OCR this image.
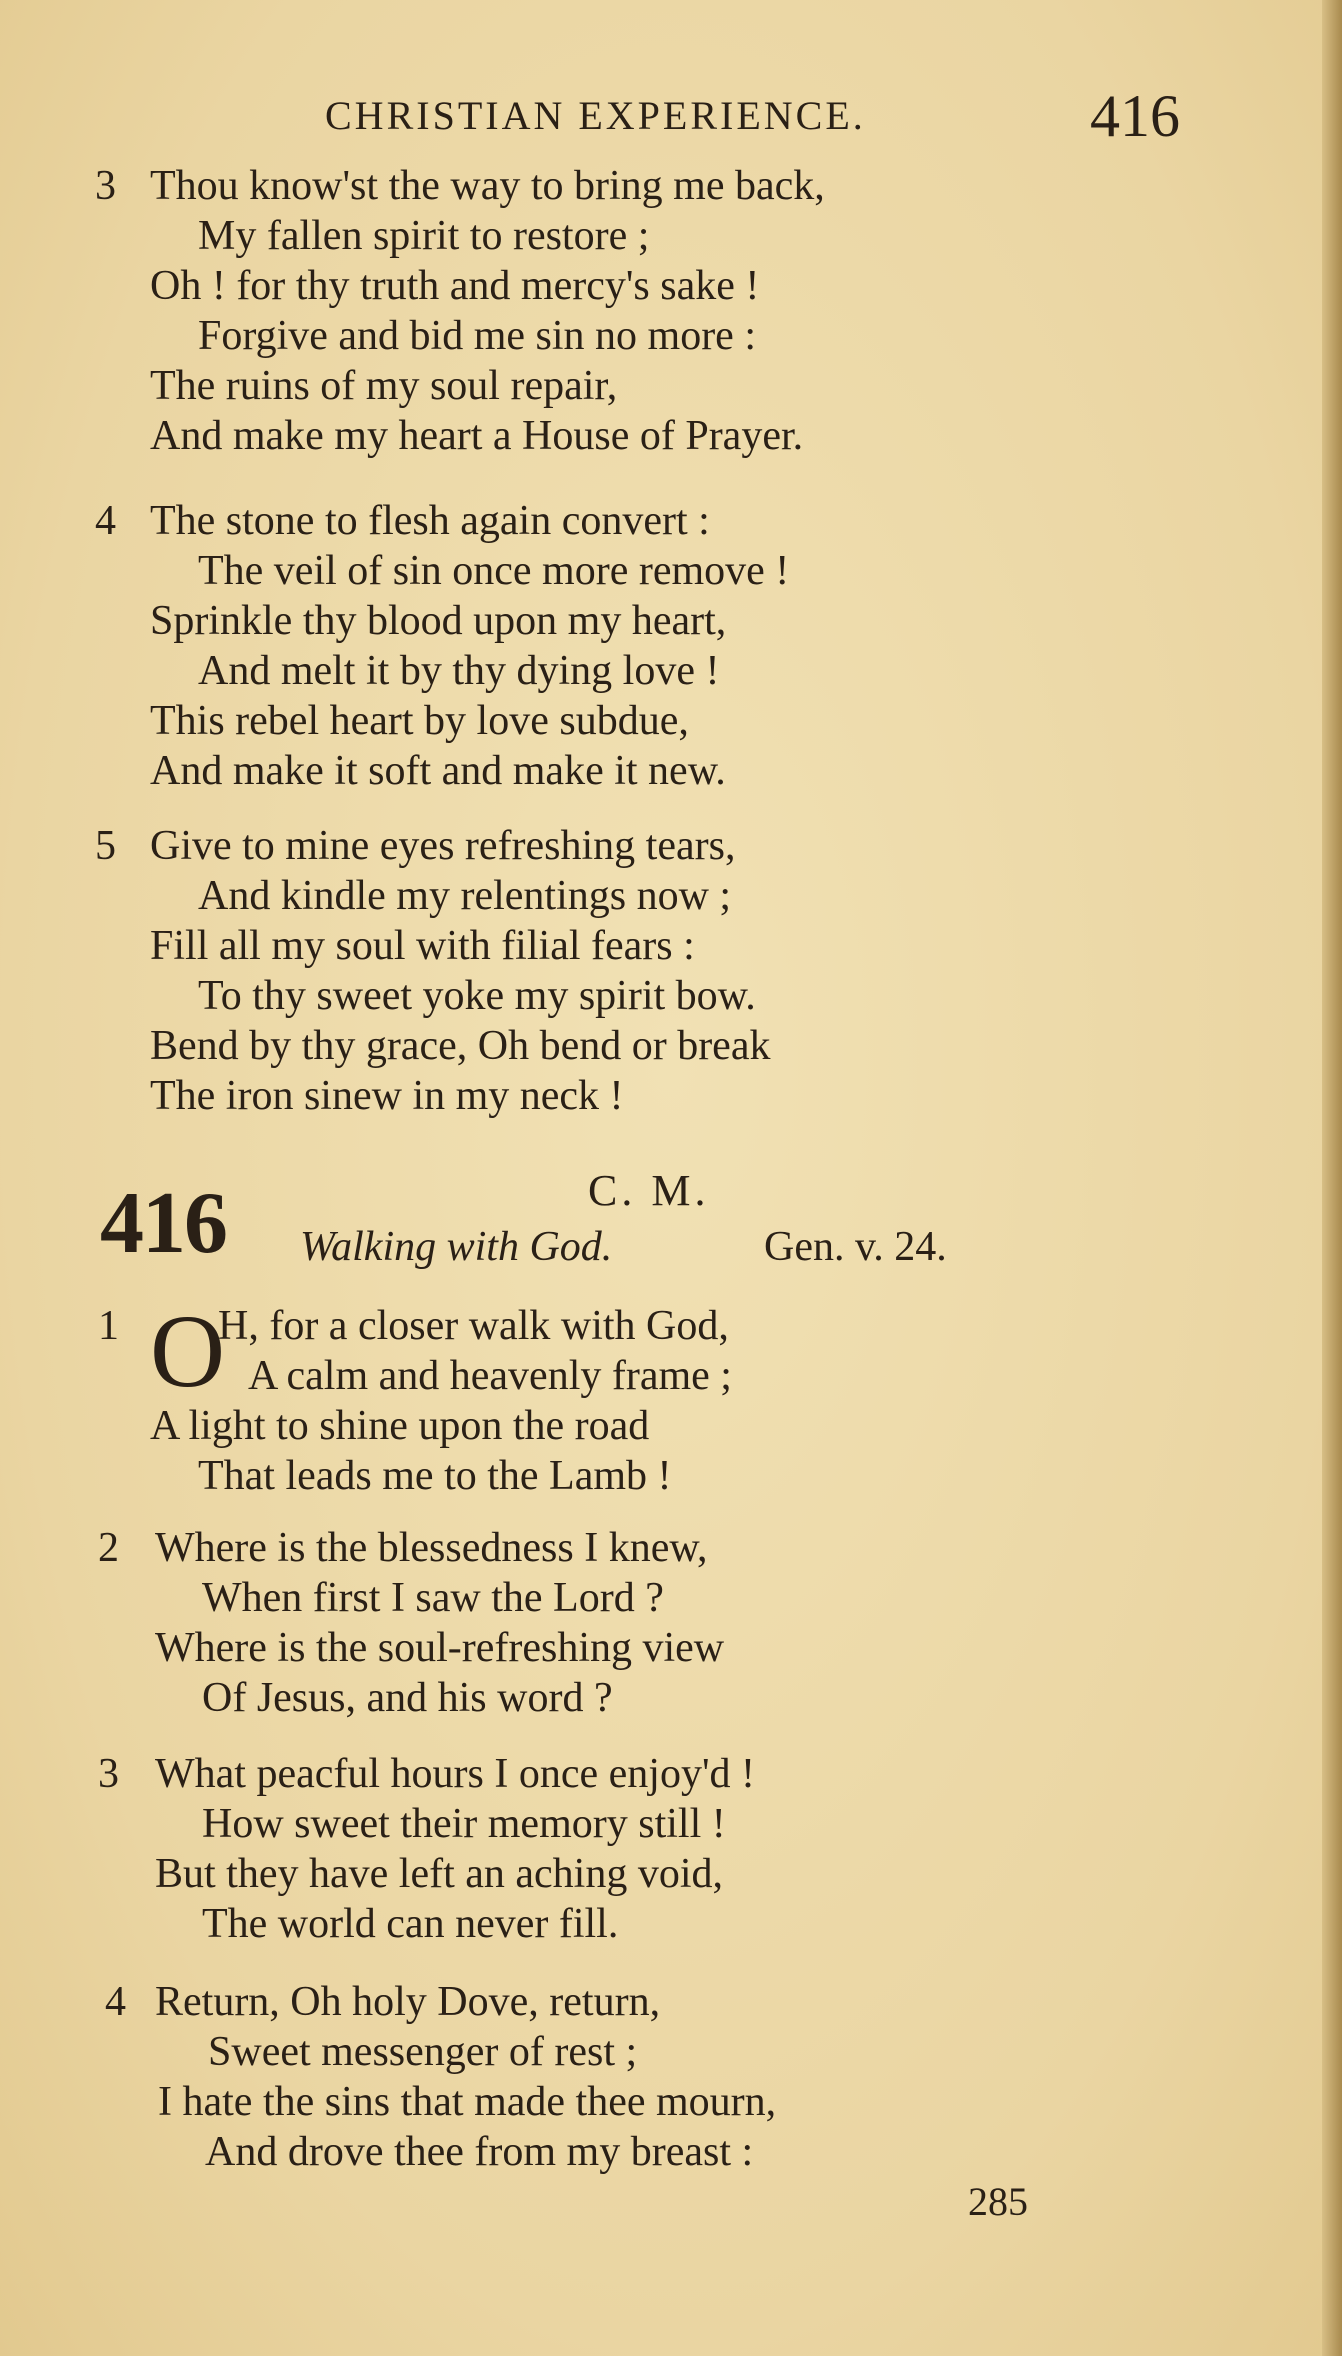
CHRISTIAN EXPERIENCE.	416
3 Thou know'st the way to bring me back,
My fallen spirit to restore ;
Oh ! for thy truth and mercy's sake !
Forgive and bid me sin no more :
The ruins of my soul repair,
And make my heart a House of Prayer.
4 The stone to flesh again convert :
The veil of sin once more remove !
Sprinkle thy blood upon my heart,
And melt it by thy dying love !
This rebel heart by love subdue,
And make it soft and make it new.
5 Give to mine eyes refreshing tears,
And kindle my relentings now ;
Fill all my soul with filial fears :
To thy sweet yoke my spirit bow.
Bend by thy grace, Oh bend or break
The iron sinew in my neck !
416	C. M.
Walking with God.	Gen. v. 24.
O
1 H, for a closer walk with God,
A calm and heavenly frame ;
A light to shine upon the road
That leads me to the Lamb !
2 Where is the blessedness I knew,
When first I saw the Lord ?
Where is the soul-refreshing view
Of Jesus, and his word ?
3 What peacful hours I once enjoy'd !
How sweet their memory still !
But they have left an aching void,
The world can never fill.
4 Return, Oh holy Dove, return,
Sweet messenger of rest ;
I hate the sins that made thee mourn,
And drove thee from my breast :
285
